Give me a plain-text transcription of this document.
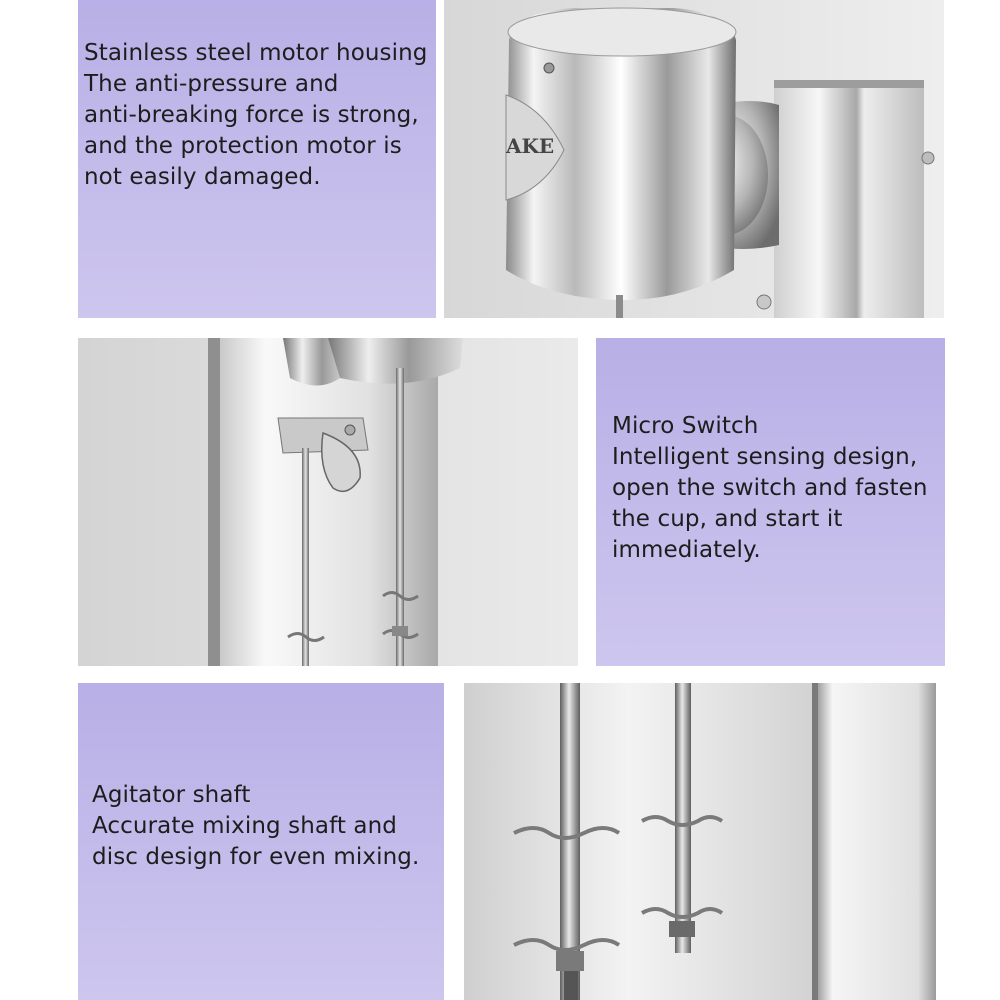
Stainless steel motor housing

The anti-pressure and

anti-breaking force is strong,

and the protection motor is

not easily damaged.

AKE

Micro Switch

Intelligent sensing design,

open the switch and fasten

the cup, and start it

immediately.

Agitator shaft

Accurate mixing shaft and

disc design for even mixing.
